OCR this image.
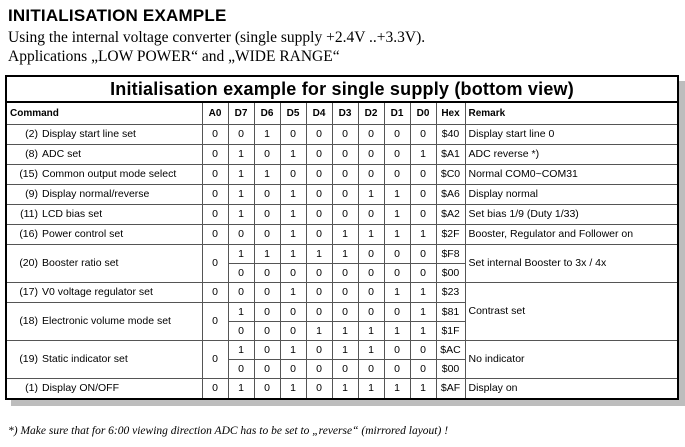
INITIALISATION EXAMPLE
Using the internal voltage converter (single supply +2.4V ..+3.3V).
Applications „LOW POWER“ and „WIDE RANGE“
Initialisation example for single supply (bottom view)											
Command	A0	D7	D6	D5	D4	D3	D2	D1	D0	Hex	Remark
(2) Display start line set	0	0	1	0	0	0	0	0	0	$40	Display start line 0
(8) ADC set	0	1	0	1	0	0	0	0	1	$A1	ADC reverse *)
(15) Common output mode select	0	1	1	0	0	0	0	0	0	$C0	Normal COM0~COM31
(9) Display normal/reverse	0	1	0	1	0	0	1	1	0	$A6	Display normal
(11) LCD bias set	0	1	0	1	0	0	0	1	0	$A2	Set bias 1/9 (Duty 1/33)
(16) Power control set	0	0	0	1	0	1	1	1	1	$2F	Booster, Regulator and Follower on
(20) Booster ratio set	0	1	1	1	1	1	0	0	0	$F8	Set internal Booster to 3x / 4x
		0	0	0	0	0	0	0	0	$00	
(17) V0 voltage regulator set	0	0	0	1	0	0	0	1	1	$23	Contrast set
(18) Electronic volume mode set	0	1	0	0	0	0	0	0	1	$81	
		0	0	0	1	1	1	1	1	$1F	
(19) Static indicator set	0	1	0	1	0	1	1	0	0	$AC	No indicator
		0	0	0	0	0	0	0	0	$00	
(1) Display ON/OFF	0	1	0	1	0	1	1	1	1	$AF	Display on
*) Make sure that for 6:00 viewing direction ADC has to be set to „reverse“ (mirrored layout) !
